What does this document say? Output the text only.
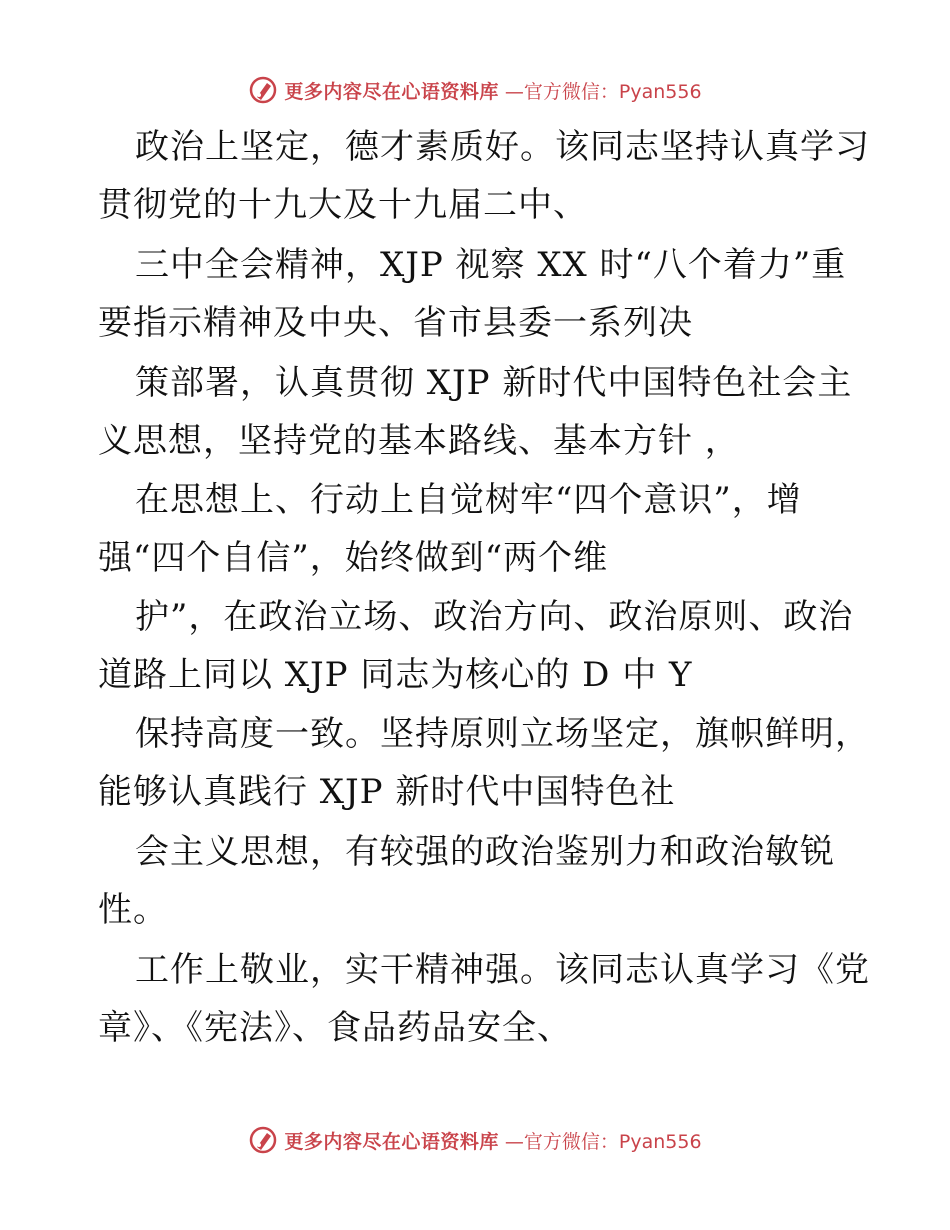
更多内容尽在心语资料库 —官方微信：Pyan556
政治上坚定，德才素质好。该同志坚持认真学习
贯彻党的十九大及十九届二中、
三中全会精神，XJP 视察 XX 时“八个着力”重
要指示精神及中央、省市县委一系列决
策部署，认真贯彻 XJP 新时代中国特色社会主
义思想，坚持党的基本路线、基本方针 ，
在思想上、行动上自觉树牢“四个意识”，增
强“四个自信”，始终做到“两个维
护”，在政治立场、政治方向、政治原则、政治
道路上同以 XJP 同志为核心的 D 中 Y
保持高度一致。坚持原则立场坚定，旗帜鲜明，
能够认真践行 XJP 新时代中国特色社
会主义思想，有较强的政治鉴别力和政治敏锐
性。
工作上敬业，实干精神强。该同志认真学习《党
章》、《宪法》、食品药品安全、
更多内容尽在心语资料库 —官方微信：Pyan556
